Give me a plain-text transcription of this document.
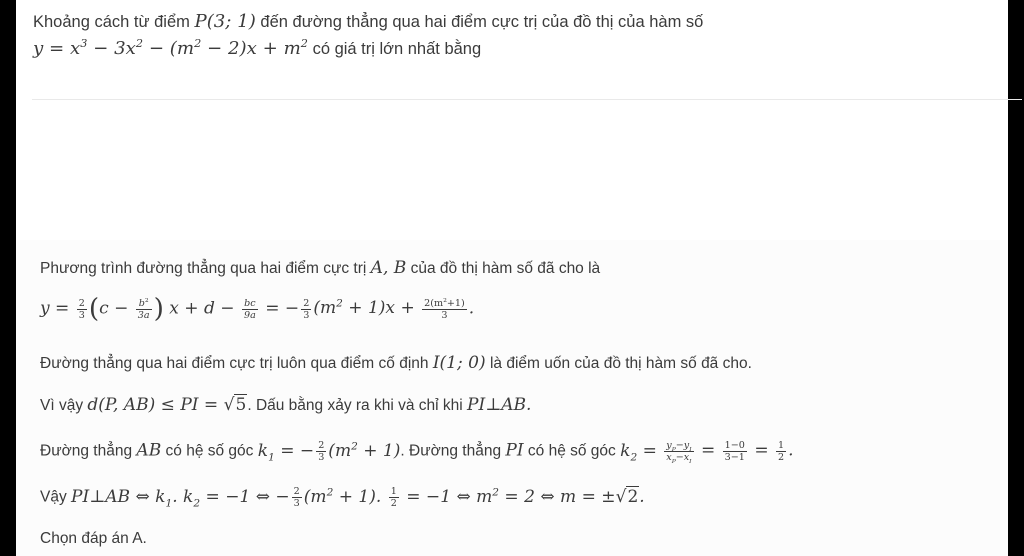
Khoảng cách từ điểm P(3; 1) đến đường thẳng qua hai điểm cực trị của đồ thị của hàm số
$y = x^3 - 3x^2 - (m^2 - 2)x + m^2$ có giá trị lớn nhất bằng
Phương trình đường thẳng qua hai điểm cực trị A, B của đồ thị hàm số đã cho là
$y = \frac{2}{3} (c - \frac{b^2}{3a}$ ) $x + d - \frac{bc}{9a}$ = − $\frac{2}{3} (m^2 + 1)x + \frac{2(m^2+1)}{3}$ .
Đường thẳng qua hai điểm cực trị luôn qua điểm cố định I(1; 0) là điểm uốn của đồ thị hàm số đã cho.
Vì vậy d(P, AB) ≤ PI = √5. Dấu bằng xảy ra khi và chỉ khi PI⊥AB.
Đường thẳng AB có hệ số góc $k_1$ = − $\frac{2}{3} (m^2 + 1)$. Đường thẳng PI có hệ số góc $k_2 = \frac{y_P-y_I}{x_P-x_I} = \frac{1-0}{3-1} = \frac{1}{2}$ .
Vậy PI⊥AB ⇔ $k_1$. $k_2 = -1$ ⇔ − $\frac{2}{3} (m^2 + 1)$. $\frac{1}{2} = -1$ ⇔ $m^2 = 2$ ⇔ m = ±√2.
Chọn đáp án A.
